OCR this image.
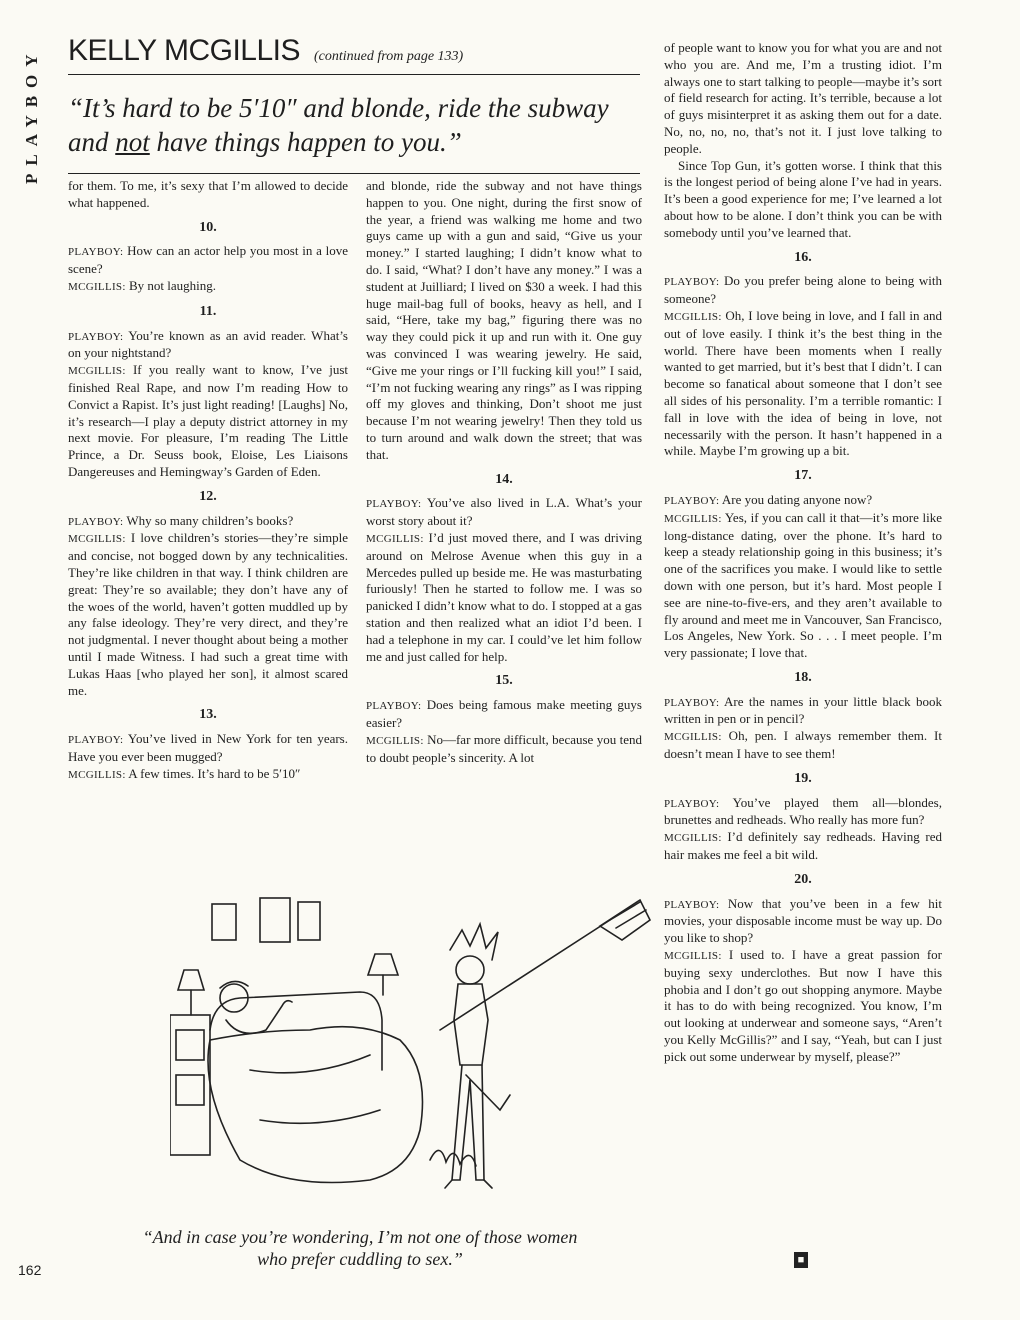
PLAYBOY KELLY MCGILLIS (continued from page 133)
“It’s hard to be 5′10″ and blonde, ride the subway and not have things happen to you.”

for them. To me, it’s sexy that I’m allowed to decide what happened.

10.

PLAYBOY: How can an actor help you most in a love scene?

MCGILLIS: By not laughing.

11.

PLAYBOY: You’re known as an avid reader. What’s on your nightstand?

MCGILLIS: If you really want to know, I’ve just finished Real Rape, and now I’m reading How to Convict a Rapist. It’s just light reading! [Laughs] No, it’s research—I play a deputy district attorney in my next movie. For pleasure, I’m reading The Little Prince, a Dr. Seuss book, Eloise, Les Liaisons Dangereuses and Hemingway’s Garden of Eden.

12.

PLAYBOY: Why so many children’s books?

MCGILLIS: I love children’s stories—they’re simple and concise, not bogged down by any technicalities. They’re like children in that way. I think children are great: They’re so available; they don’t have any of the woes of the world, haven’t gotten muddled up by any false ideology. They’re very direct, and they’re not judgmental. I never thought about being a mother until I made Witness. I had such a great time with Lukas Haas [who played her son], it almost scared me.

13.

PLAYBOY: You’ve lived in New York for ten years. Have you ever been mugged?

MCGILLIS: A few times. It’s hard to be 5′10″

and blonde, ride the subway and not have things happen to you. One night, during the first snow of the year, a friend was walking me home and two guys came up with a gun and said, “Give us your money.” I started laughing; I didn’t know what to do. I said, “What? I don’t have any money.” I was a student at Juilliard; I lived on $30 a week. I had this huge mail-bag full of books, heavy as hell, and I said, “Here, take my bag,” figuring there was no way they could pick it up and run with it. One guy was convinced I was wearing jewelry. He said, “Give me your rings or I’ll fucking kill you!” I said, “I’m not fucking wearing any rings” as I was ripping off my gloves and thinking, Don’t shoot me just because I’m not wearing jewelry! Then they told us to turn around and walk down the street; that was that.

14.

PLAYBOY: You’ve also lived in L.A. What’s your worst story about it?

MCGILLIS: I’d just moved there, and I was driving around on Melrose Avenue when this guy in a Mercedes pulled up beside me. He was masturbating furiously! Then he started to follow me. I was so panicked I didn’t know what to do. I stopped at a gas station and then realized what an idiot I’d been. I had a telephone in my car. I could’ve let him follow me and just called for help.

15.

PLAYBOY: Does being famous make meeting guys easier?

MCGILLIS: No—far more difficult, because you tend to doubt people’s sincerity. A lot

of people want to know you for what you are and not who you are. And me, I’m a trusting idiot. I’m always one to start talking to people—maybe it’s sort of field research for acting. It’s terrible, because a lot of guys misinterpret it as asking them out for a date. No, no, no, no, that’s not it. I just love talking to people.

Since Top Gun, it’s gotten worse. I think that this is the longest period of being alone I’ve had in years. It’s been a good experience for me; I’ve learned a lot about how to be alone. I don’t think you can be with somebody until you’ve learned that.

16.

PLAYBOY: Do you prefer being alone to being with someone?

MCGILLIS: Oh, I love being in love, and I fall in and out of love easily. I think it’s the best thing in the world. There have been moments when I really wanted to get married, but it’s best that I didn’t. I can become so fanatical about someone that I don’t see all sides of his personality. I’m a terrible romantic: I fall in love with the idea of being in love, not necessarily with the person. It hasn’t happened in a while. Maybe I’m growing up a bit.

17.

PLAYBOY: Are you dating anyone now?

MCGILLIS: Yes, if you can call it that—it’s more like long-distance dating, over the phone. It’s hard to keep a steady relationship going in this business; it’s one of the sacrifices you make. I would like to settle down with one person, but it’s hard. Most people I see are nine-to-five-ers, and they aren’t available to fly around and meet me in Vancouver, San Francisco, Los Angeles, New York. So . . . I meet people. I’m very passionate; I love that.

18.

PLAYBOY: Are the names in your little black book written in pen or in pencil?

MCGILLIS: Oh, pen. I always remember them. It doesn’t mean I have to see them!

19.

PLAYBOY: You’ve played them all—blondes, brunettes and redheads. Who really has more fun?

MCGILLIS: I’d definitely say redheads. Having red hair makes me feel a bit wild.

20.

PLAYBOY: Now that you’ve been in a few hit movies, your disposable income must be way up. Do you like to shop?

MCGILLIS: I used to. I have a great passion for buying sexy underclothes. But now I have this phobia and I don’t go out shopping anymore. Maybe it has to do with being recognized. You know, I’m out looking at underwear and someone says, “Aren’t you Kelly McGillis?” and I say, “Yeah, but can I just pick out some underwear by myself, please?”

“And in case you’re wondering, I’m not one of those women who prefer cuddling to sex.”
162
■
